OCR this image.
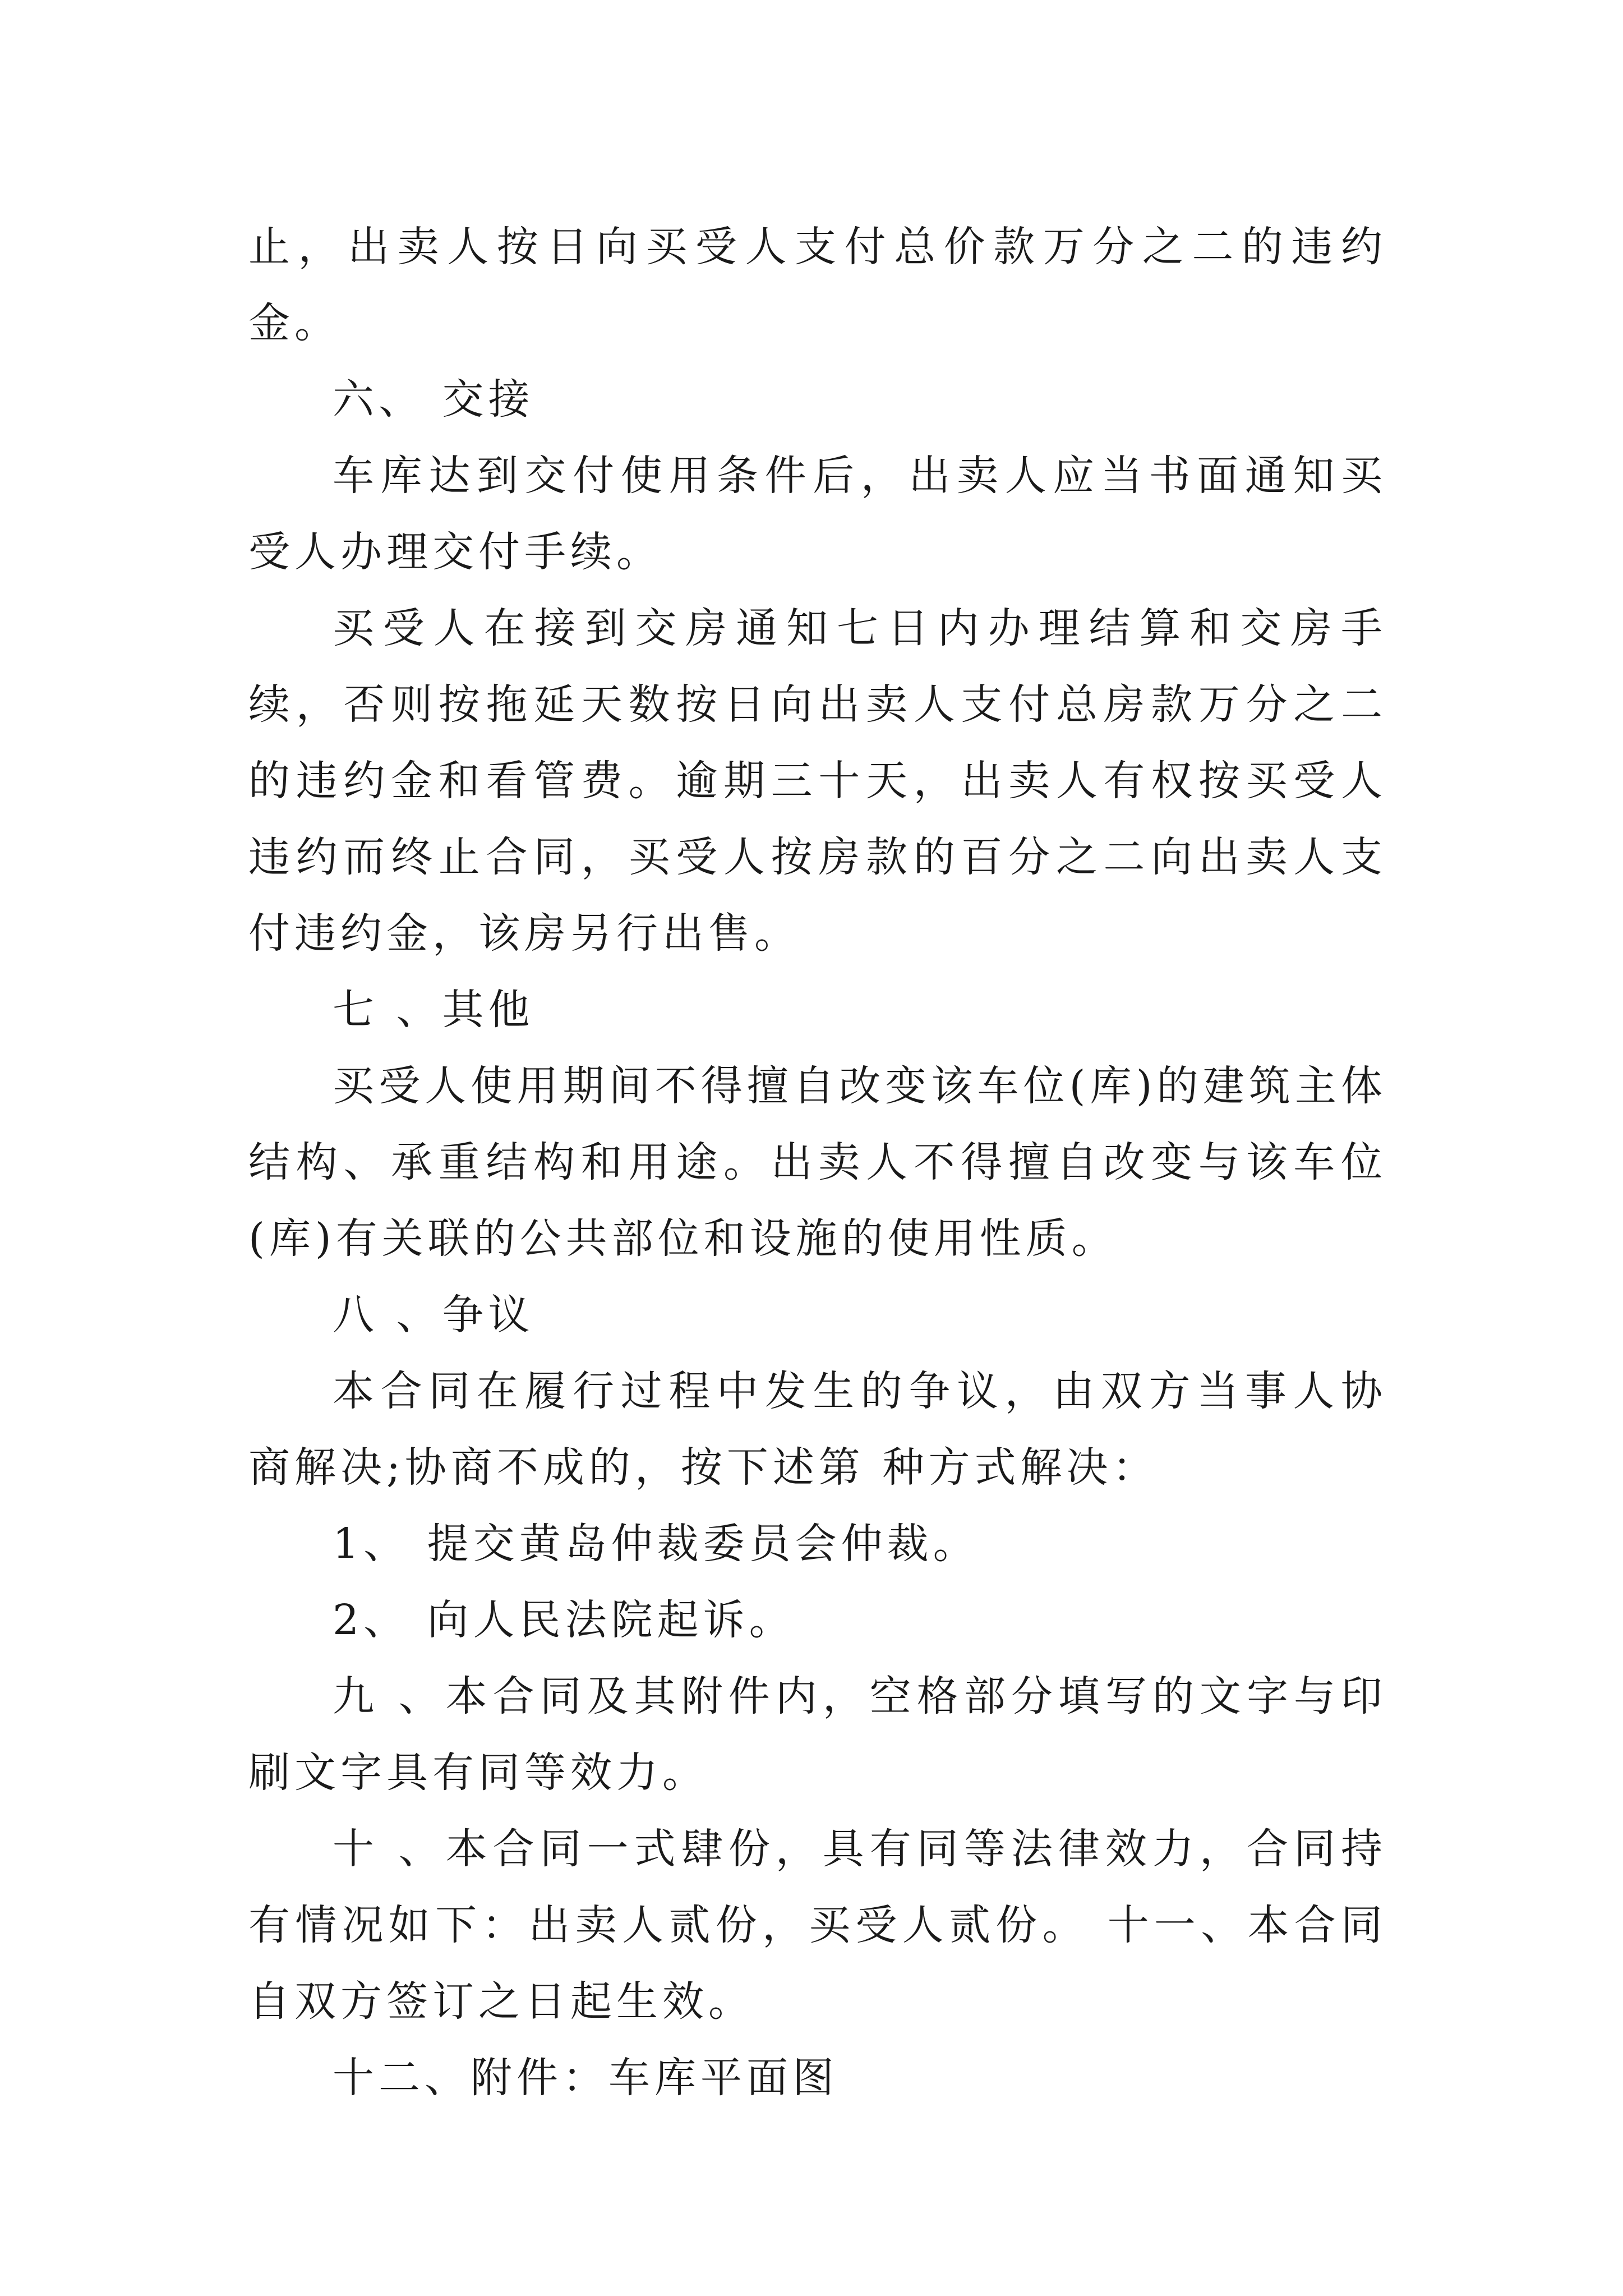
止，出卖人按日向买受人支付总价款万分之二的违约金。

六、 交接

车库达到交付使用条件后，出卖人应当书面通知买受人办理交付手续。

买受人在接到交房通知七日内办理结算和交房手续，否则按拖延天数按日向出卖人支付总房款万分之二的违约金和看管费。逾期三十天，出卖人有权按买受人违约而终止合同，买受人按房款的百分之二向出卖人支付违约金，该房另行出售。

七 、其他

买受人使用期间不得擅自改变该车位(库)的建筑主体结构、承重结构和用途。出卖人不得擅自改变与该车位(库)有关联的公共部位和设施的使用性质。

八 、争议

本合同在履行过程中发生的争议，由双方当事人协商解决;协商不成的，按下述第 种方式解决：

1、 提交黄岛仲裁委员会仲裁。

2、 向人民法院起诉。

九 、本合同及其附件内，空格部分填写的文字与印刷文字具有同等效力。

十 、本合同一式肆份，具有同等法律效力，合同持有情况如下：出卖人贰份，买受人贰份。 十一、本合同自双方签订之日起生效。

十二、附件：车库平面图
